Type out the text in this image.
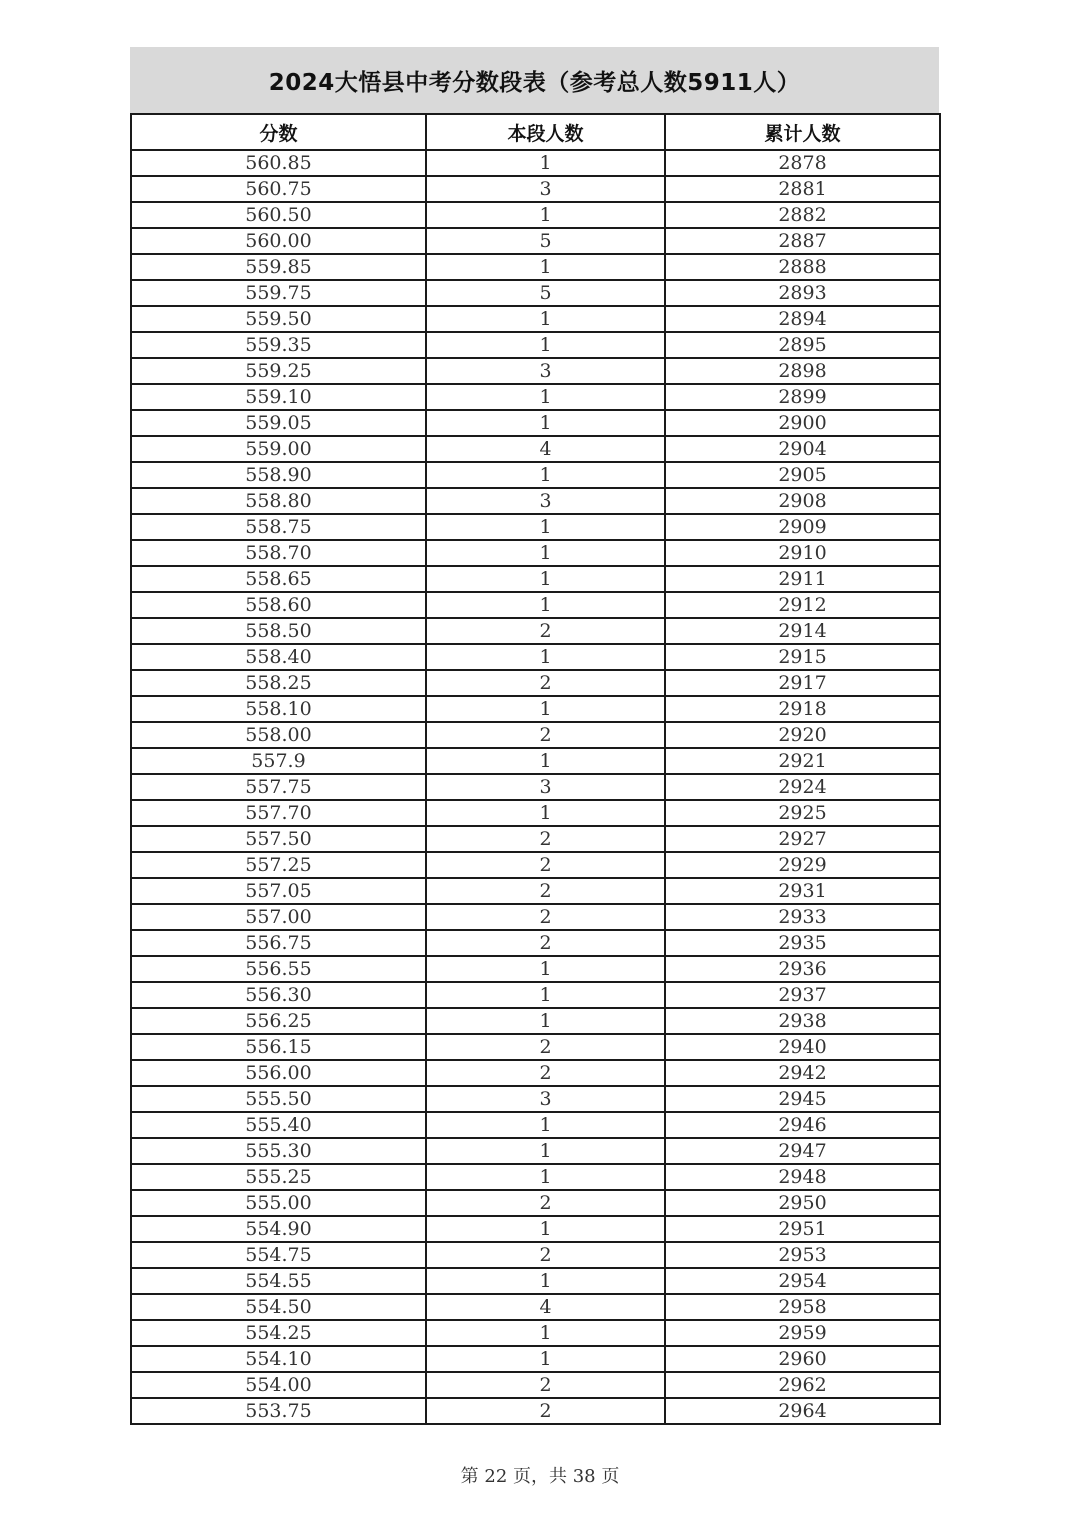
2024大悟县中考分数段表（参考总人数5911人）
分数	本段人数	累计人数
560.85	1	2878
560.75	3	2881
560.50	1	2882
560.00	5	2887
559.85	1	2888
559.75	5	2893
559.50	1	2894
559.35	1	2895
559.25	3	2898
559.10	1	2899
559.05	1	2900
559.00	4	2904
558.90	1	2905
558.80	3	2908
558.75	1	2909
558.70	1	2910
558.65	1	2911
558.60	1	2912
558.50	2	2914
558.40	1	2915
558.25	2	2917
558.10	1	2918
558.00	2	2920
557.9	1	2921
557.75	3	2924
557.70	1	2925
557.50	2	2927
557.25	2	2929
557.05	2	2931
557.00	2	2933
556.75	2	2935
556.55	1	2936
556.30	1	2937
556.25	1	2938
556.15	2	2940
556.00	2	2942
555.50	3	2945
555.40	1	2946
555.30	1	2947
555.25	1	2948
555.00	2	2950
554.90	1	2951
554.75	2	2953
554.55	1	2954
554.50	4	2958
554.25	1	2959
554.10	1	2960
554.00	2	2962
553.75	2	2964
第 22 页，共 38 页
